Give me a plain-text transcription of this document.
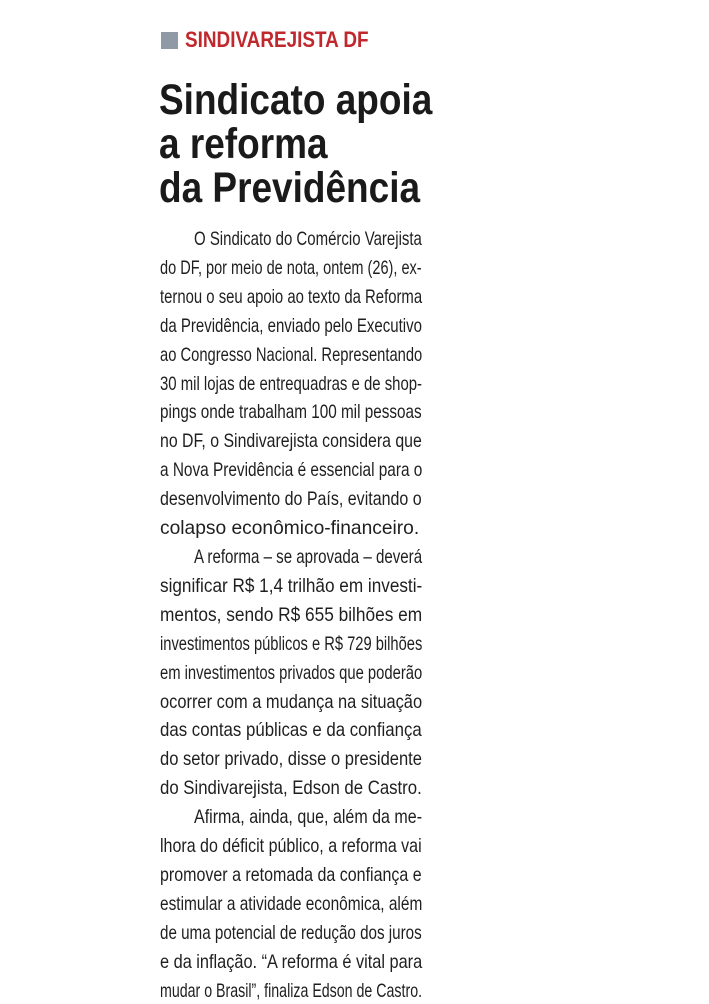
SINDIVAREJISTA DF
Sindicato apoia
a reforma
da Previdência
O Sindicato do Comércio Varejista
do DF, por meio de nota, ontem (26), ex-
ternou o seu apoio ao texto da Reforma
da Previdência, enviado pelo Executivo
ao Congresso Nacional. Representando
30 mil lojas de entrequadras e de shop-
pings onde trabalham 100 mil pessoas
no DF, o Sindivarejista considera que
a Nova Previdência é essencial para o
desenvolvimento do País, evitando o
colapso econômico-financeiro.
A reforma – se aprovada – deverá
significar R$ 1,4 trilhão em investi-
mentos, sendo R$ 655 bilhões em
investimentos públicos e R$ 729 bilhões
em investimentos privados que poderão
ocorrer com a mudança na situação
das contas públicas e da confiança
do setor privado, disse o presidente
do Sindivarejista, Edson de Castro.
Afirma, ainda, que, além da me-
lhora do déficit público, a reforma vai
promover a retomada da confiança e
estimular a atividade econômica, além
de uma potencial de redução dos juros
e da inflação. “A reforma é vital para
mudar o Brasil”, finaliza Edson de Castro.
